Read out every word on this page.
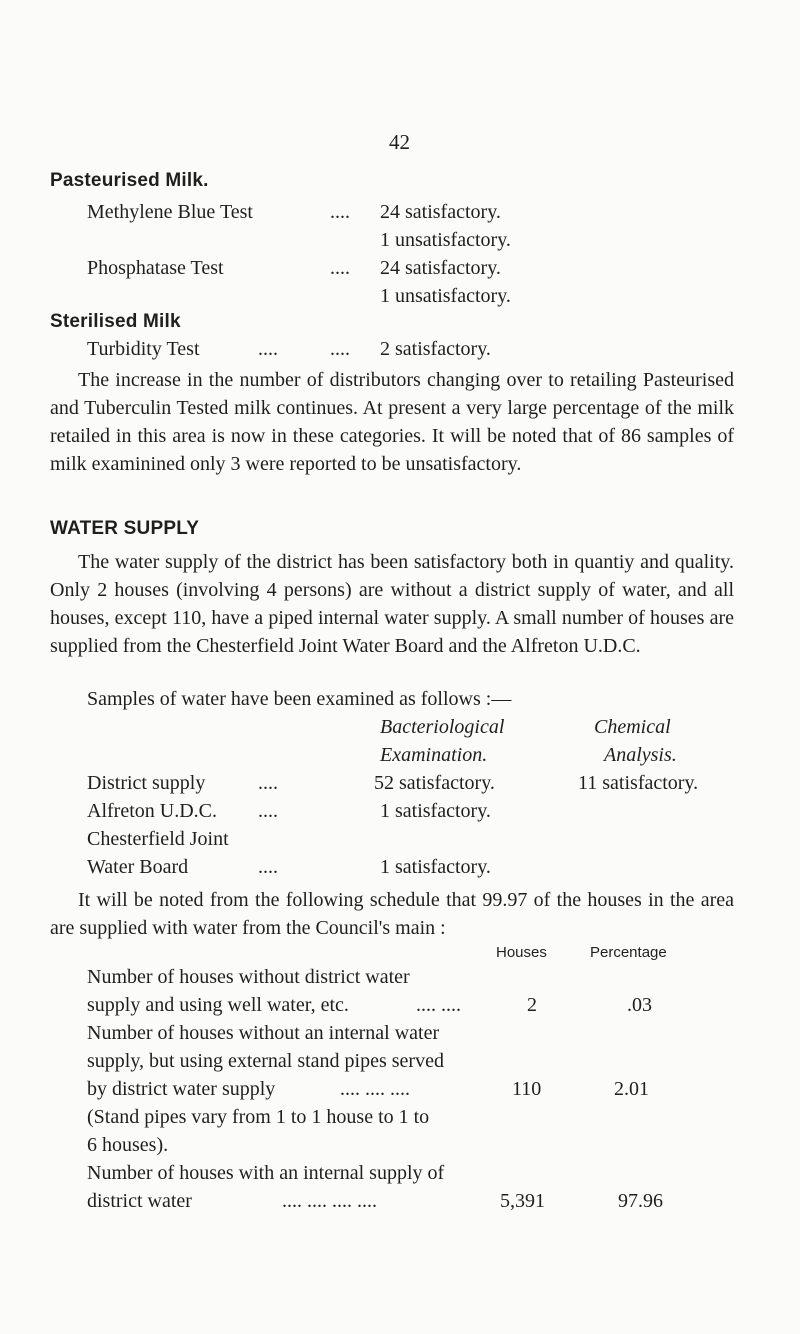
42
Pasteurised Milk.
Methylene Blue Test	.... 24 satisfactory.
1 unsatisfactory.
Phosphatase Test	.... 24 satisfactory.
1 unsatisfactory.
Sterilised Milk
Turbidity Test	....	.... 2 satisfactory.
The increase in the number of distributors changing over to retailing Pasteurised and Tuberculin Tested milk continues. At present a very large percentage of the milk retailed in this area is now in these categories. It will be noted that of 86 samples of milk examinined only 3 were reported to be unsatisfactory.
WATER SUPPLY
The water supply of the district has been satisfactory both in quantiy and quality. Only 2 houses (involving 4 persons) are without a district supply of water, and all houses, except 110, have a piped internal water supply. A small number of houses are supplied from the Chesterfield Joint Water Board and the Alfreton U.D.C.
Samples of water have been examined as follows :—
Bacteriological
Examination.
Chemical
Analysis.
District supply	....	52 satisfactory.	11 satisfactory.
Alfreton U.D.C. ....	1 satisfactory.
Chesterfield Joint
Water Board	....	1 satisfactory.
It will be noted from the following schedule that 99.97 of the houses in the area are supplied with water from the Council's main :
Houses	Percentage
Number of houses without district water
supply and using well water, etc.	.... ....	2	.03
Number of houses without an internal water
supply, but using external stand pipes served
by district water supply	.... .... ....	110	2.01
(Stand pipes vary from 1 to 1 house to 1 to
6 houses).
Number of houses with an internal supply of
district water	.... .... .... ....	5,391	97.96
